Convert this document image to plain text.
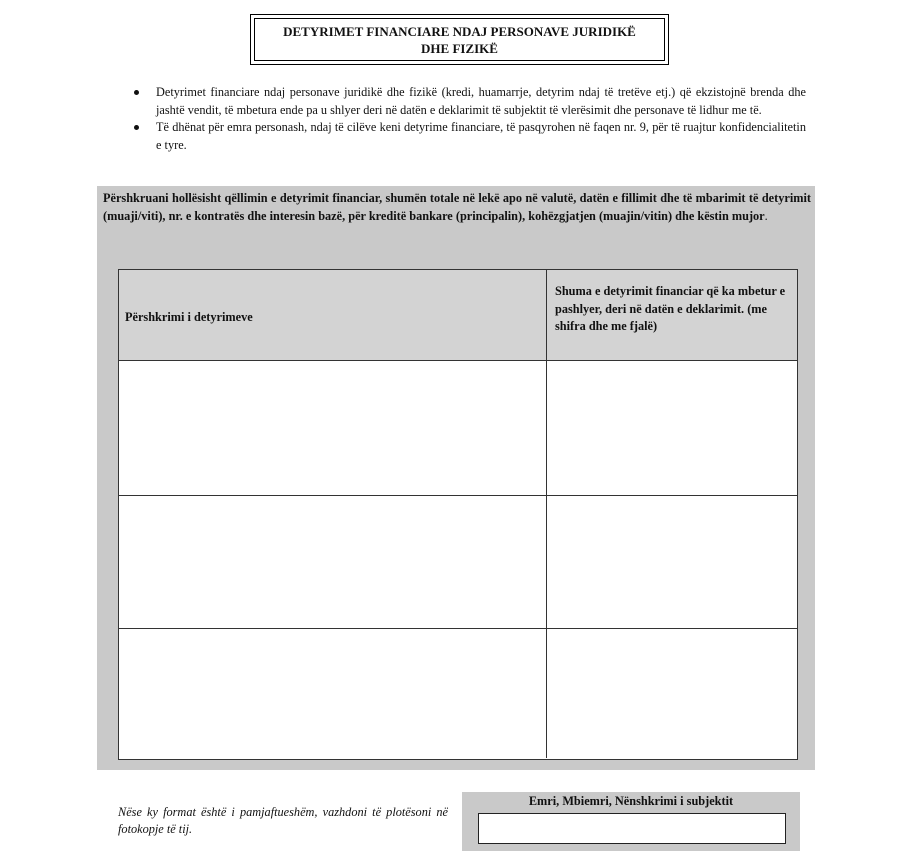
DETYRIMET FINANCIARE NDAJ PERSONAVE JURIDIKË
DHE FIZIKË
Detyrimet financiare ndaj personave juridikë dhe fizikë (kredi, huamarrje, detyrim ndaj të tretëve etj.) që ekzistojnë brenda dhe jashtë vendit, të mbetura ende pa u shlyer deri në datën e deklarimit të subjektit të vlerësimit dhe personave të lidhur me të.
Të dhënat për emra personash, ndaj të cilëve keni detyrime financiare, të pasqyrohen në faqen nr. 9, për të ruajtur konfidencialitetin e tyre.
Përshkruani hollësisht qëllimin e detyrimit financiar, shumën totale në lekë apo në valutë, datën e fillimit dhe të mbarimit të detyrimit (muaji/viti), nr. e kontratës dhe interesin bazë, për kreditë bankare (principalin), kohëzgjatjen (muajin/vitin) dhe këstin mujor.
Përshkrimi i detyrimeve
Shuma e detyrimit financiar që ka mbetur e pashlyer, deri në datën e deklarimit. (me shifra dhe me fjalë)
Nëse ky format është i pamjaftueshëm, vazhdoni të plotësoni në fotokopje të tij.
Emri, Mbiemri, Nënshkrimi i subjektit
